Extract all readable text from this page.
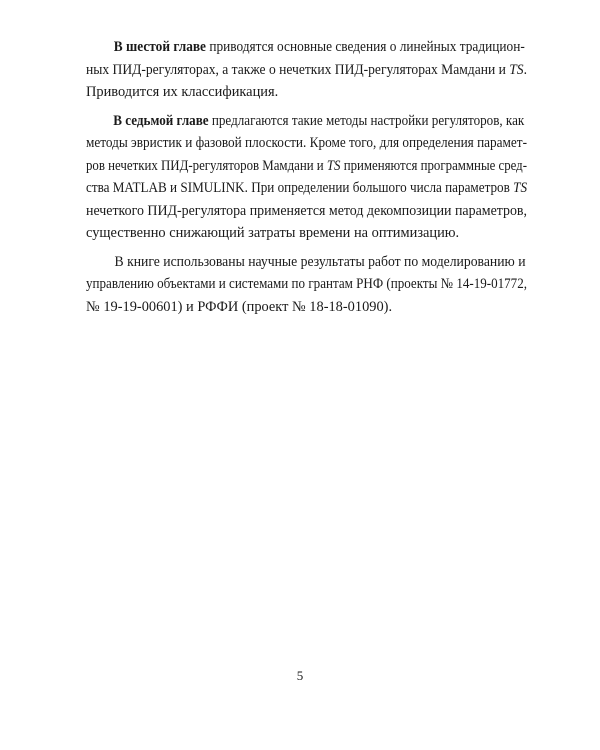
В шестой главе приводятся основные сведения о линейных традицион-
ных ПИД-регуляторах, а также о нечетких ПИД-регуляторах Мамдани и TS.
Приводится их классификация.
В седьмой главе предлагаются такие методы настройки регуляторов, как
методы эвристик и фазовой плоскости. Кроме того, для определения парамет-
ров нечетких ПИД-регуляторов Мамдани и TS применяются программные сред-
ства MATLAB и SIMULINK. При определении большого числа параметров TS
нечеткого ПИД-регулятора применяется метод декомпозиции параметров,
существенно снижающий затраты времени на оптимизацию.
В книге использованы научные результаты работ по моделированию и
управлению объектами и системами по грантам РНФ (проекты № 14-19-01772,
№ 19-19-00601) и РФФИ (проект № 18-18-01090).
5
